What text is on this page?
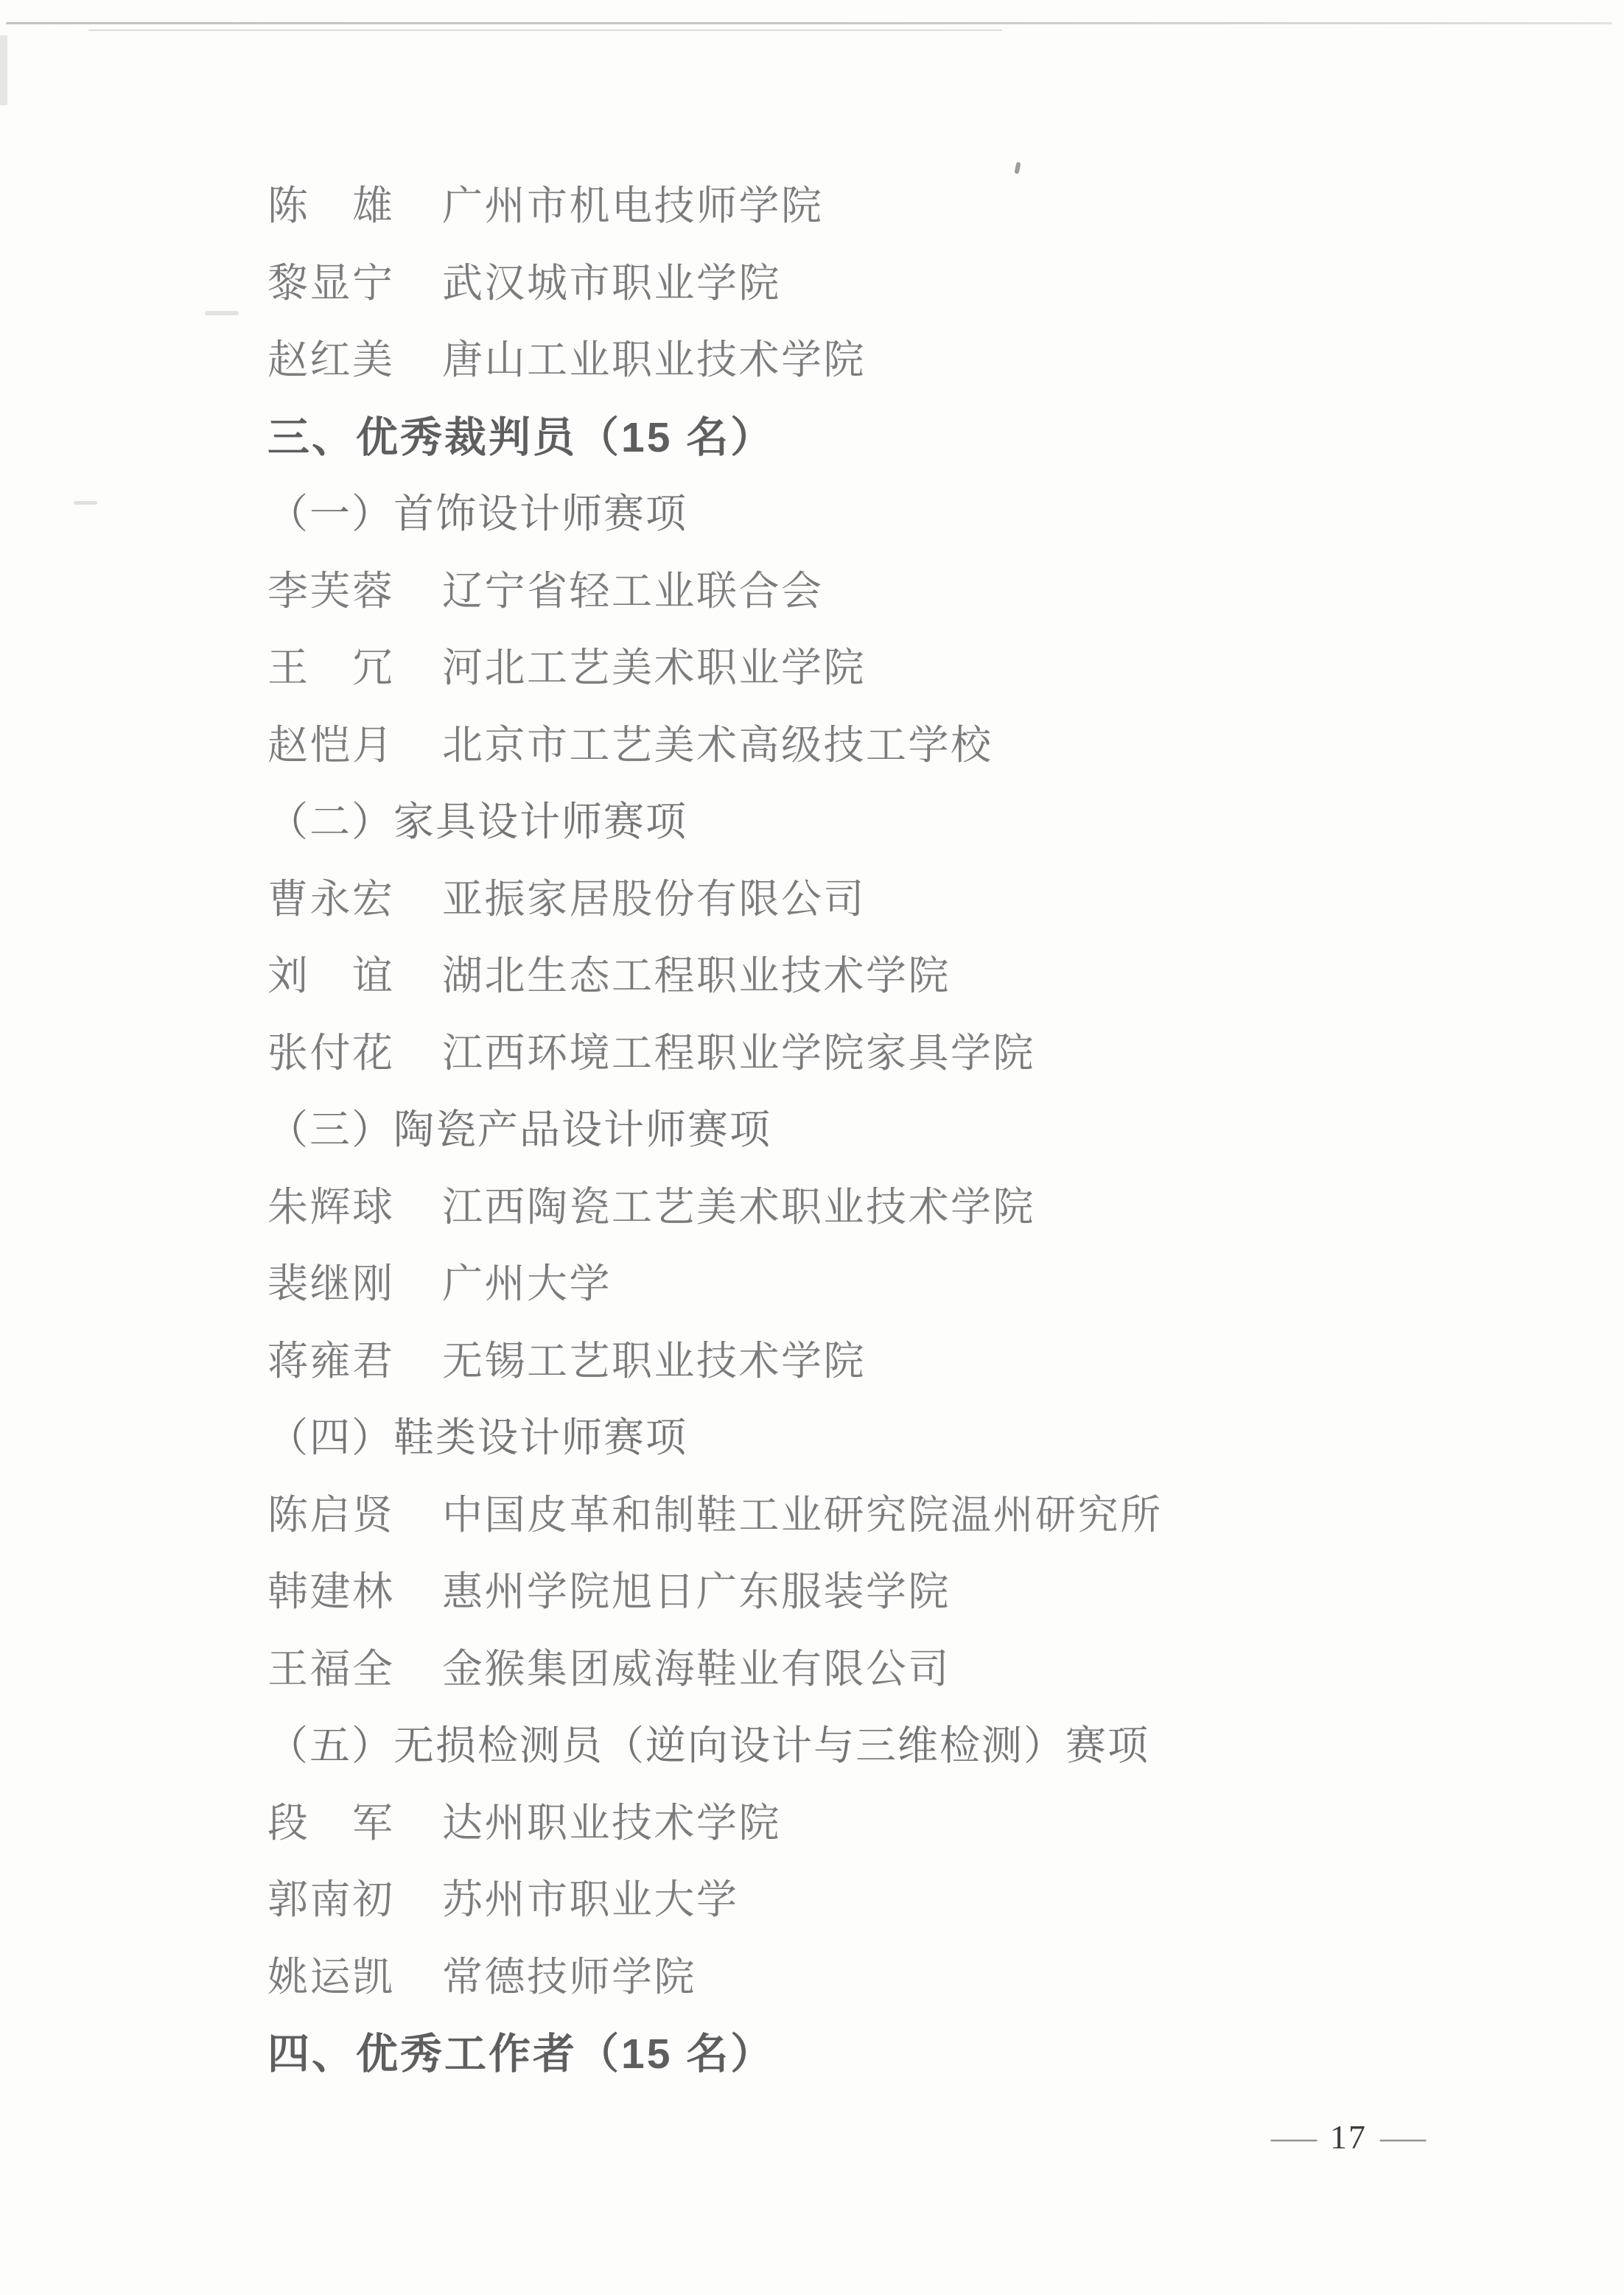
陈　雄 广州市机电技师学院
黎显宁 武汉城市职业学院
赵红美 唐山工业职业技术学院
三、优秀裁判员（15 名）
（一）首饰设计师赛项
李芙蓉 辽宁省轻工业联合会
王　冗 河北工艺美术职业学院
赵恺月 北京市工艺美术高级技工学校
（二）家具设计师赛项
曹永宏 亚振家居股份有限公司
刘　谊 湖北生态工程职业技术学院
张付花 江西环境工程职业学院家具学院
（三）陶瓷产品设计师赛项
朱辉球 江西陶瓷工艺美术职业技术学院
裴继刚 广州大学
蒋雍君 无锡工艺职业技术学院
（四）鞋类设计师赛项
陈启贤 中国皮革和制鞋工业研究院温州研究所
韩建林 惠州学院旭日广东服装学院
王福全 金猴集团威海鞋业有限公司
（五）无损检测员（逆向设计与三维检测）赛项
段　军 达州职业技术学院
郭南初 苏州市职业大学
姚运凯 常德技师学院
四、优秀工作者（15 名）
— 17 —
